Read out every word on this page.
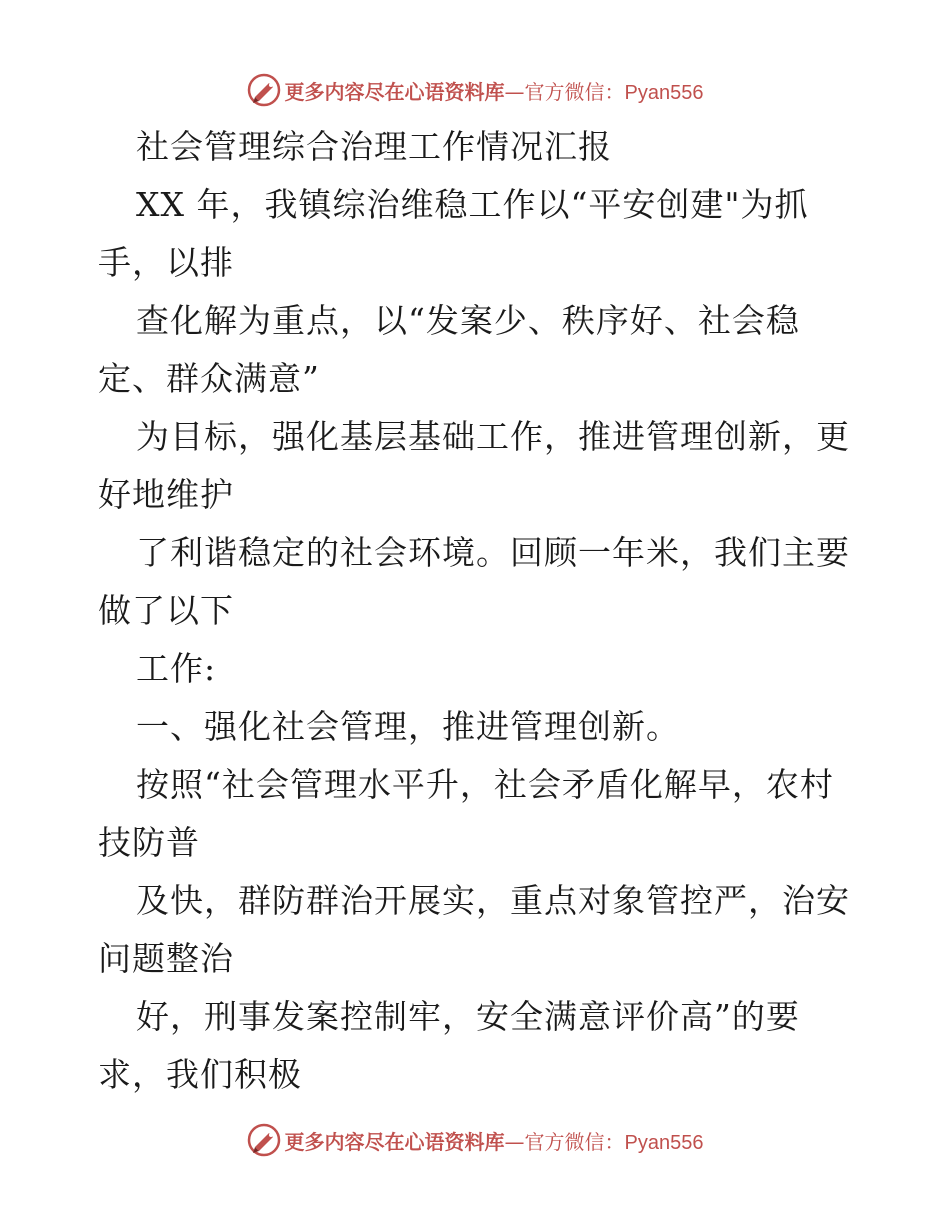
更多内容尽在心语资料库—官方微信：Pyan556
社会管理综合治理工作情况汇报
XX 年，我镇综治维稳工作以“平安创建"为抓
手，以排
查化解为重点，以“发案少、秩序好、社会稳
定、群众满意”
为目标，强化基层基础工作，推进管理创新，更
好地维护
了利谐稳定的社会环境。回顾一年米，我们主要
做了以下
工作:
一、强化社会管理，推进管理创新。
按照“社会管理水平升，社会矛盾化解早，农村
技防普
及快，群防群治开展实，重点对象管控严，治安
问题整治
好，刑事发案控制牢，安全满意评价高”的要
求，我们积极
更多内容尽在心语资料库—官方微信：Pyan556
